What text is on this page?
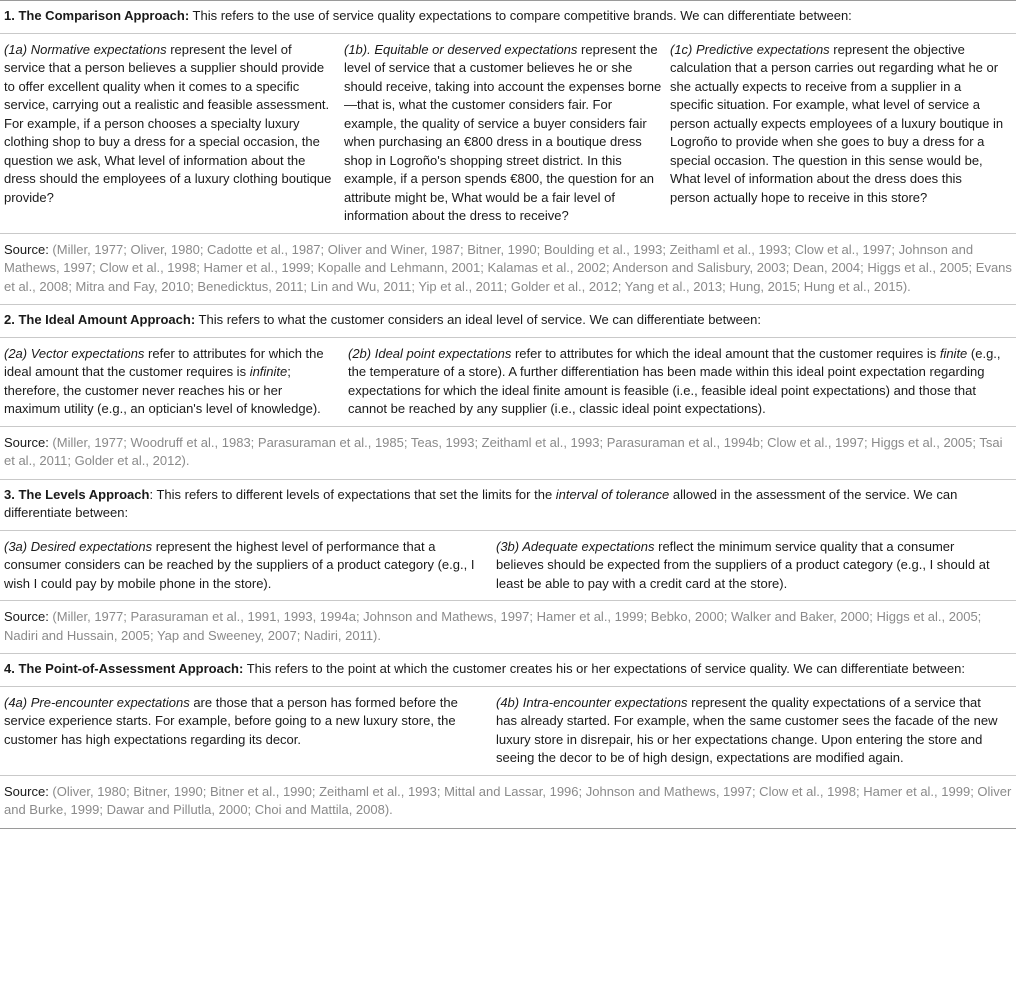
1. The Comparison Approach: This refers to the use of service quality expectations to compare competitive brands. We can differentiate between:
(1a) Normative expectations represent the level of service that a person believes a supplier should provide to offer excellent quality when it comes to a specific service, carrying out a realistic and feasible assessment. For example, if a person chooses a specialty luxury clothing shop to buy a dress for a special occasion, the question we ask, What level of information about the dress should the employees of a luxury clothing boutique provide?
(1b). Equitable or deserved expectations represent the level of service that a customer believes he or she should receive, taking into account the expenses borne—that is, what the customer considers fair. For example, the quality of service a buyer considers fair when purchasing an €800 dress in a boutique dress shop in Logroño's shopping street district. In this example, if a person spends €800, the question for an attribute might be, What would be a fair level of information about the dress to receive?
(1c) Predictive expectations represent the objective calculation that a person carries out regarding what he or she actually expects to receive from a supplier in a specific situation. For example, what level of service a person actually expects employees of a luxury boutique in Logroño to provide when she goes to buy a dress for a special occasion. The question in this sense would be, What level of information about the dress does this person actually hope to receive in this store?
Source: (Miller, 1977; Oliver, 1980; Cadotte et al., 1987; Oliver and Winer, 1987; Bitner, 1990; Boulding et al., 1993; Zeithaml et al., 1993; Clow et al., 1997; Johnson and Mathews, 1997; Clow et al., 1998; Hamer et al., 1999; Kopalle and Lehmann, 2001; Kalamas et al., 2002; Anderson and Salisbury, 2003; Dean, 2004; Higgs et al., 2005; Evans et al., 2008; Mitra and Fay, 2010; Benedicktus, 2011; Lin and Wu, 2011; Yip et al., 2011; Golder et al., 2012; Yang et al., 2013; Hung, 2015; Hung et al., 2015).
2. The Ideal Amount Approach: This refers to what the customer considers an ideal level of service. We can differentiate between:
(2a) Vector expectations refer to attributes for which the ideal amount that the customer requires is infinite; therefore, the customer never reaches his or her maximum utility (e.g., an optician's level of knowledge).
(2b) Ideal point expectations refer to attributes for which the ideal amount that the customer requires is finite (e.g., the temperature of a store). A further differentiation has been made within this ideal point expectation regarding expectations for which the ideal finite amount is feasible (i.e., feasible ideal point expectations) and those that cannot be reached by any supplier (i.e., classic ideal point expectations).
Source: (Miller, 1977; Woodruff et al., 1983; Parasuraman et al., 1985; Teas, 1993; Zeithaml et al., 1993; Parasuraman et al., 1994b; Clow et al., 1997; Higgs et al., 2005; Tsai et al., 2011; Golder et al., 2012).
3. The Levels Approach: This refers to different levels of expectations that set the limits for the interval of tolerance allowed in the assessment of the service. We can differentiate between:
(3a) Desired expectations represent the highest level of performance that a consumer considers can be reached by the suppliers of a product category (e.g., I wish I could pay by mobile phone in the store).
(3b) Adequate expectations reflect the minimum service quality that a consumer believes should be expected from the suppliers of a product category (e.g., I should at least be able to pay with a credit card at the store).
Source: (Miller, 1977; Parasuraman et al., 1991, 1993, 1994a; Johnson and Mathews, 1997; Hamer et al., 1999; Bebko, 2000; Walker and Baker, 2000; Higgs et al., 2005; Nadiri and Hussain, 2005; Yap and Sweeney, 2007; Nadiri, 2011).
4. The Point-of-Assessment Approach: This refers to the point at which the customer creates his or her expectations of service quality. We can differentiate between:
(4a) Pre-encounter expectations are those that a person has formed before the service experience starts. For example, before going to a new luxury store, the customer has high expectations regarding its decor.
(4b) Intra-encounter expectations represent the quality expectations of a service that has already started. For example, when the same customer sees the facade of the new luxury store in disrepair, his or her expectations change. Upon entering the store and seeing the decor to be of high design, expectations are modified again.
Source: (Oliver, 1980; Bitner, 1990; Bitner et al., 1990; Zeithaml et al., 1993; Mittal and Lassar, 1996; Johnson and Mathews, 1997; Clow et al., 1998; Hamer et al., 1999; Oliver and Burke, 1999; Dawar and Pillutla, 2000; Choi and Mattila, 2008).
